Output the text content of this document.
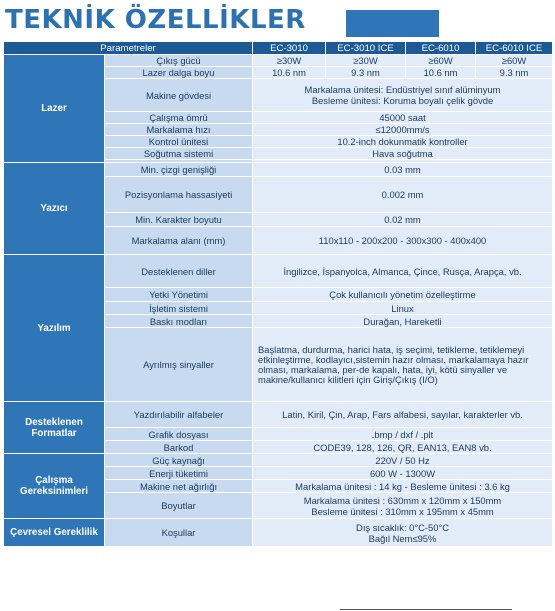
TEKNİK ÖZELLİKLER
Parametreler		EC-3010	EC-3010 ICE	EC-6010	EC-6010 ICE
Lazer	Çıkış gücü	≥30W	≥30W	≥60W	≥60W
	Lazer dalga boyu	10.6 nm	9.3 nm	10.6 nm	9.3 nm
	Makine gövdesi	Markalama ünitesi: Endüstriyel sınıf alüminyum
Besleme ünitesi: Koruma boyalı çelik gövde			

	Çalışma ömrü	45000 saat			
	Markalama hızı	≤12000mm/s			
	Kontrol ünitesi	10.2-inch dokunmatik kontroller			
	Soğutma sistemi	Hava soğutma			

Yazıcı	Min. çizgi genişliği	0.03 mm			
	Pozisyonlama hassasiyeti	0.002 mm			
	Min. Karakter boyutu	0.02 mm			
	Markalama alanı (mm)	110x110 - 200x200 - 300x300 - 400x400			
Yazılım	Desteklenen diller	İngilizce, İspanyolca, Almanca, Çince, Rusça, Arapça, vb.			
	Yetki Yönetimi	Çok kullanıcılı yönetim özelleştirme			
	İşletim sistemi	Linux			
	Baskı modları	Durağan, Hareketli			
	Ayrılmış sinyaller	Başlatma, durdurma, harici hata, iş seçimi, tetikleme, tetiklemeyi etkinleştirme, kodlayıcı,sistemin hazır olması, markalamaya hazır olması, markalama, per-de kapalı, hata, iyi, kötü sinyaller ve makine/kullanıcı kilitleri için Giriş/Çıkış (I/O)			
Desteklenen Formatlar	Yazdırılabilir alfabeler	Latin, Kiril, Çin, Arap, Fars alfabesi, sayılar, karakterler vb.			
	Grafik dosyası	.bmp / dxf / .plt			
	Barkod	CODE39, 128, 126, QR, EAN13, EAN8 vb.			
Çalışma Gereksinimleri	Güç kaynağı	220V / 50 Hz			
	Enerji tüketimi	600 W - 1300W			
	Makine net ağırlığı	Markalama ünitesi : 14 kg - Besleme ünitesi : 3.6 kg			
	Boyutlar	Markalama ünitesi : 630mm x 120mm x 150mm
Besleme ünitesi : 310mm x 195mm x 45mm			

Çevresel Gereklilik	Koşullar	Dış sıcaklık: 0°C-50°C
Bağıl Nem≤95%			
